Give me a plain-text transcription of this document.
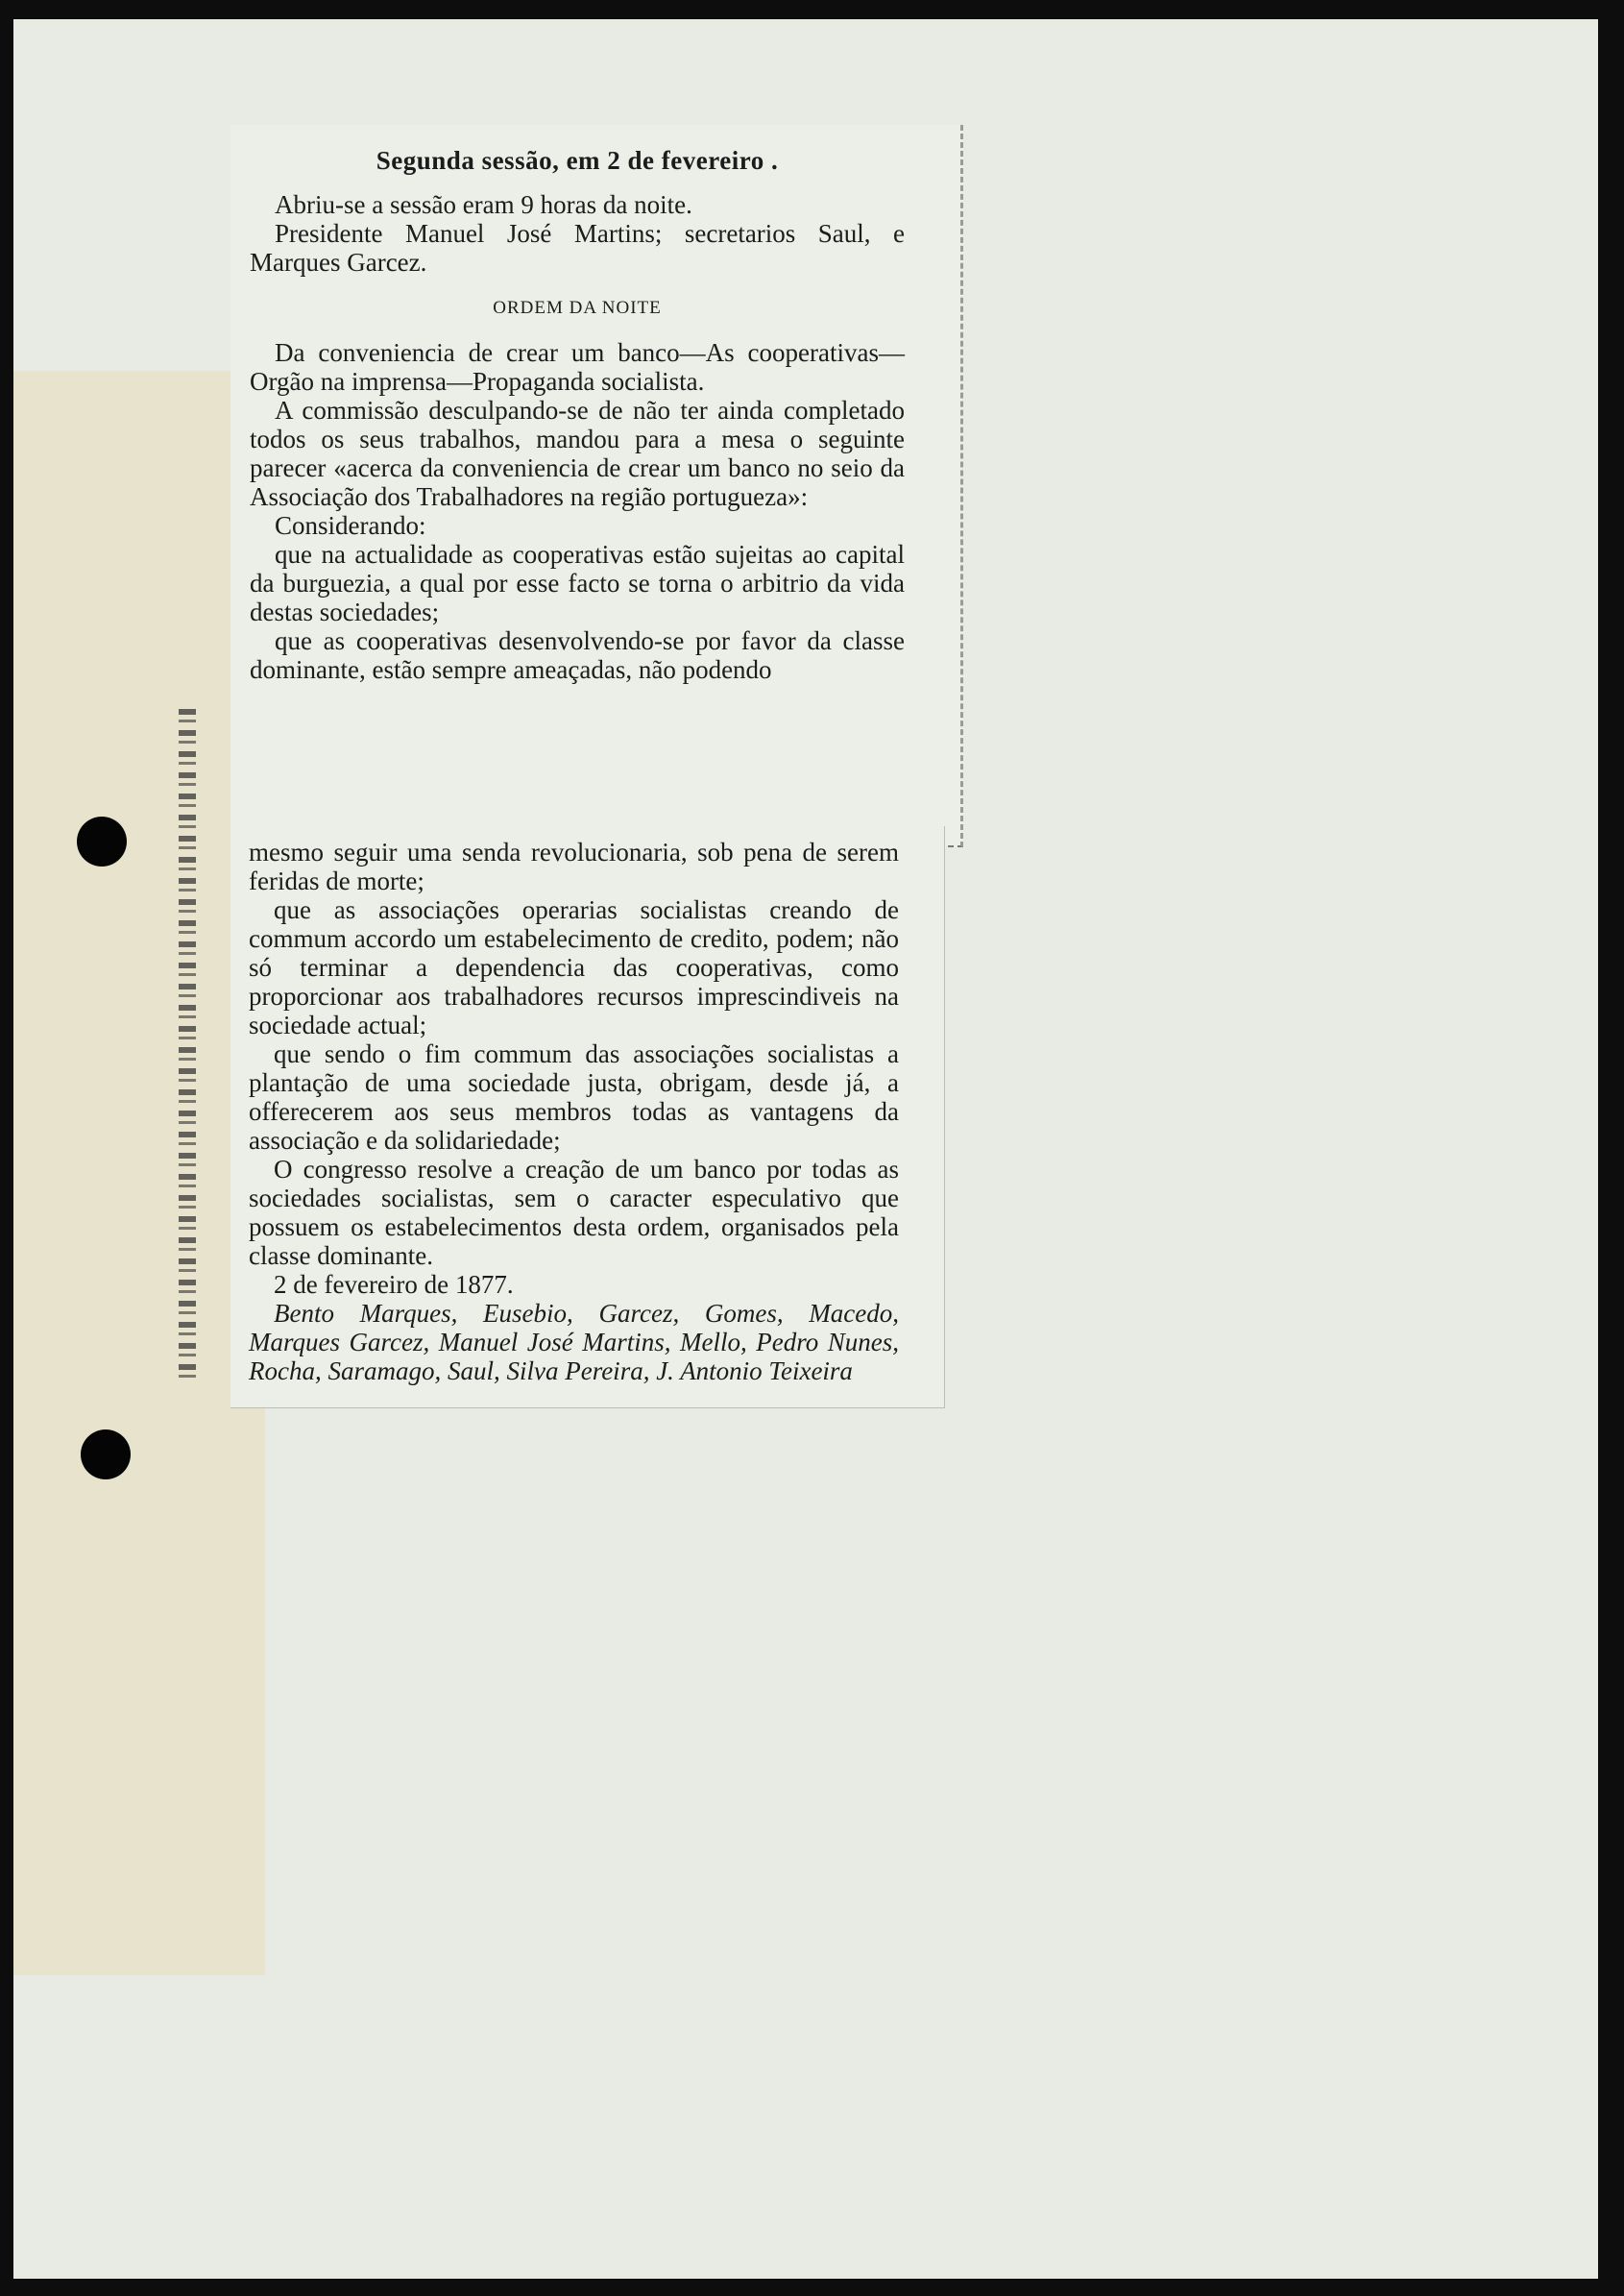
Segunda sessão, em 2 de fevereiro .

Abriu-se a sessão eram 9 horas da noite.

Presidente Manuel José Martins; secretarios Saul, e Marques Garcez.

ORDEM DA NOITE

Da conveniencia de crear um banco—As cooperativas—Orgão na imprensa—Propaganda socialista.

A commissão desculpando-se de não ter ainda completado todos os seus trabalhos, mandou para a mesa o seguinte parecer «acerca da conveniencia de crear um banco no seio da Associação dos Trabalhadores na região portugueza»:

Considerando:

que na actualidade as cooperativas estão sujeitas ao capital da burguezia, a qual por esse facto se torna o arbitrio da vida destas sociedades;

que as cooperativas desenvolvendo-se por favor da classe dominante, estão sempre ameaçadas, não podendo

mesmo seguir uma senda revolucionaria, sob pena de serem feridas de morte;

que as associações operarias socialistas creando de commum accordo um estabelecimento de credito, podem; não só terminar a dependencia das cooperativas, como proporcionar aos trabalhadores recursos imprescindiveis na sociedade actual;

que sendo o fim commum das associações socialistas a plantação de uma sociedade justa, obrigam, desde já, a offerecerem aos seus membros todas as vantagens da associação e da solidariedade;

O congresso resolve a creação de um banco por todas as sociedades socialistas, sem o caracter especulativo que possuem os estabelecimentos desta ordem, organisados pela classe dominante.

2 de fevereiro de 1877.

Bento Marques, Eusebio, Garcez, Gomes, Macedo, Marques Garcez, Manuel José Martins, Mello, Pedro Nunes, Rocha, Saramago, Saul, Silva Pereira, J. Antonio Teixeira
